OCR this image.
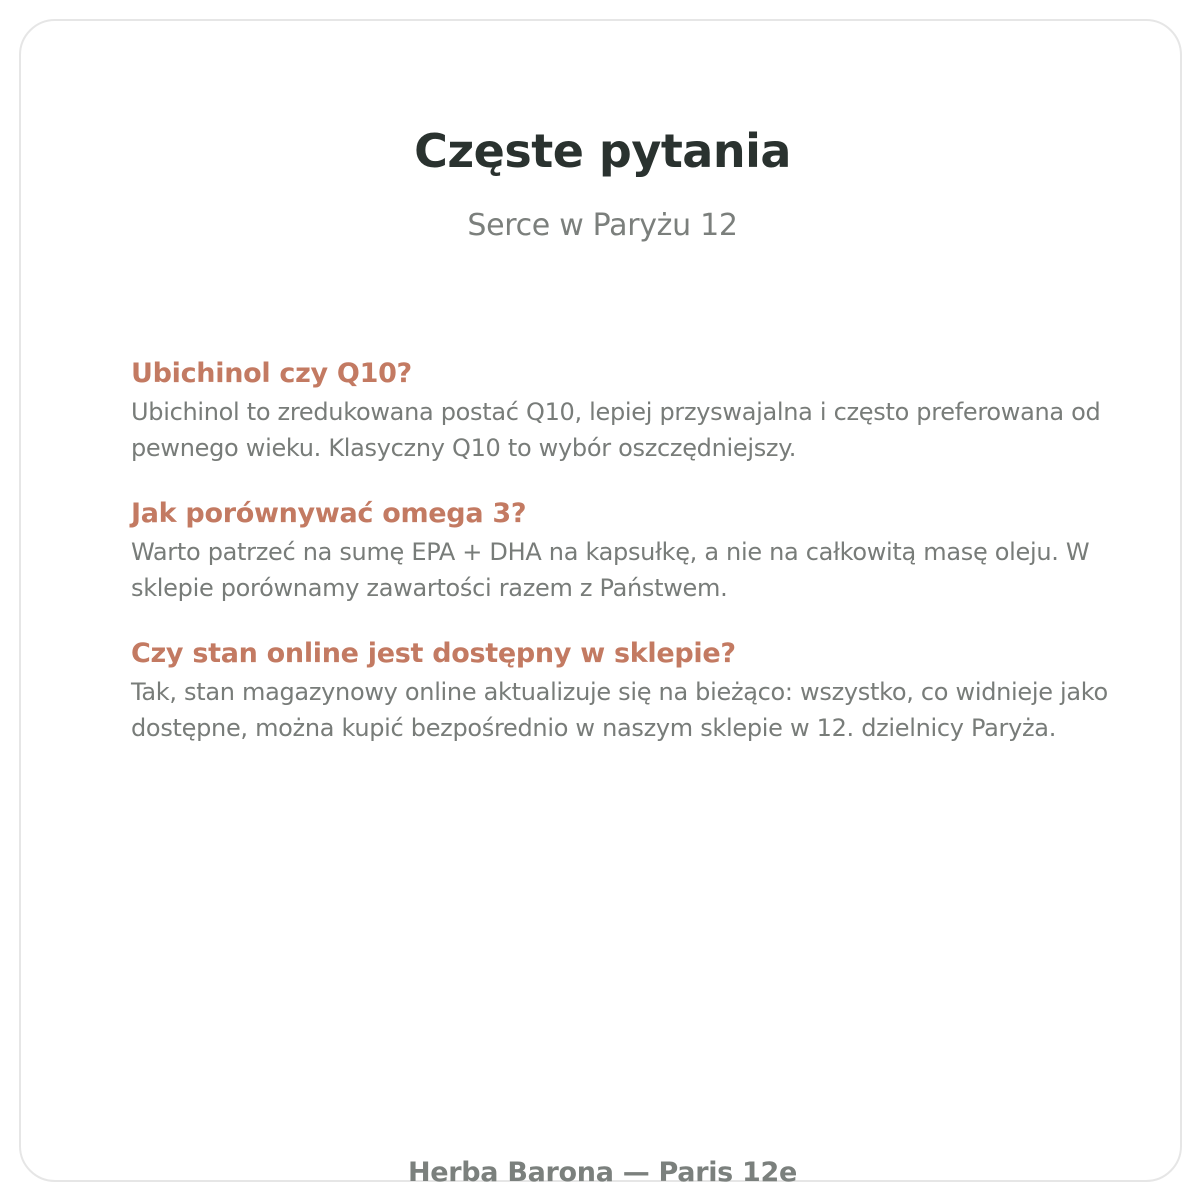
Częste pytania
Serce w Paryżu 12
Ubichinol czy Q10?
Ubichinol to zredukowana postać Q10, lepiej przyswajalna i często preferowana od pewnego wieku. Klasyczny Q10 to wybór oszczędniejszy.
Jak porównywać omega 3?
Warto patrzeć na sumę EPA + DHA na kapsułkę, a nie na całkowitą masę oleju. W sklepie porównamy zawartości razem z Państwem.
Czy stan online jest dostępny w sklepie?
Tak, stan magazynowy online aktualizuje się na bieżąco: wszystko, co widnieje jako dostępne, można kupić bezpośrednio w naszym sklepie w 12. dzielnicy Paryża.
Herba Barona — Paris 12e
